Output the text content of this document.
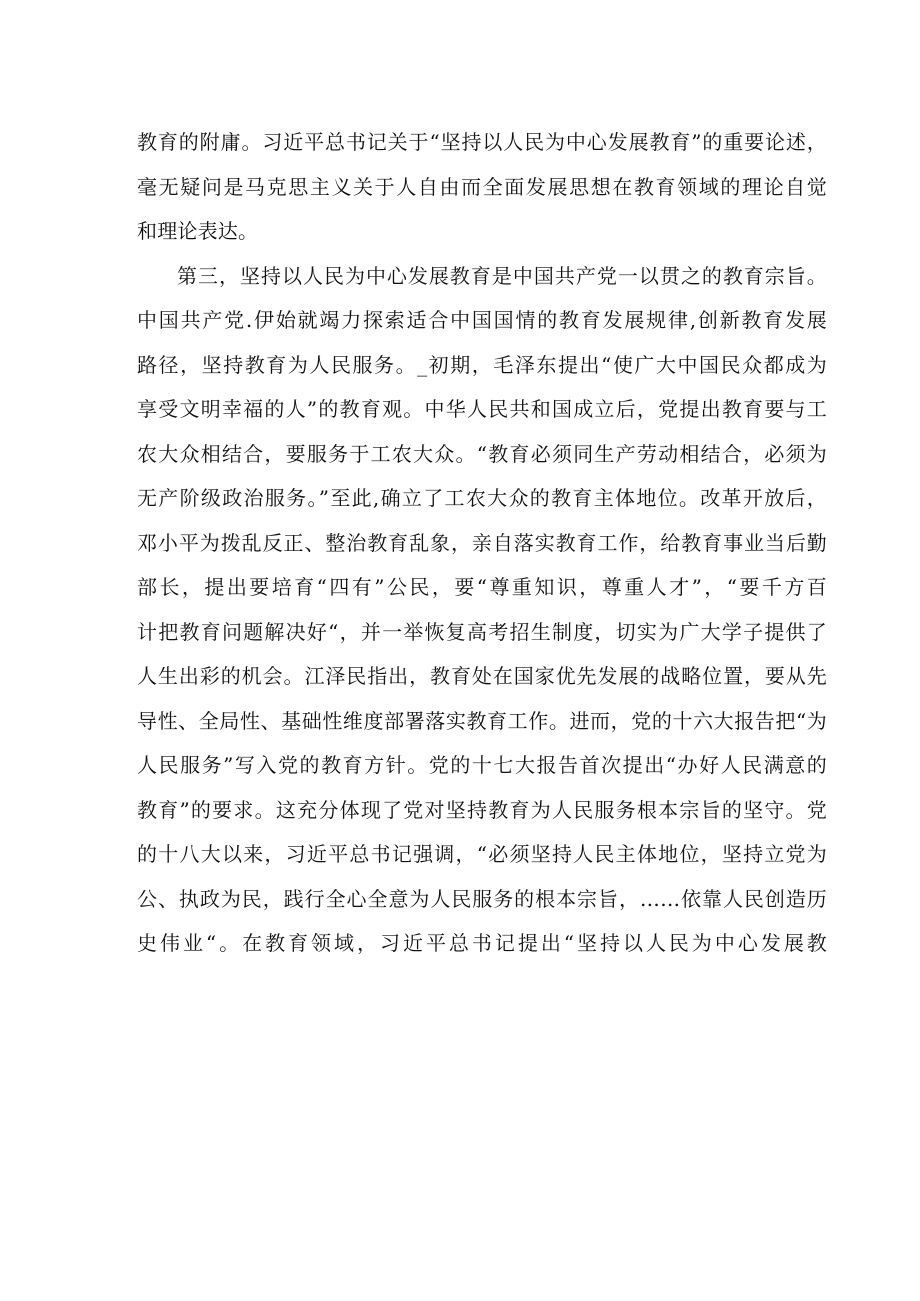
教育的附庸。习近平总书记关于“坚持以人民为中心发展教育”的重要论述，
毫无疑问是马克思主义关于人自由而全面发展思想在教育领域的理论自觉
和理论表达。
第三，坚持以人民为中心发展教育是中国共产党一以贯之的教育宗旨。
中国共产党.伊始就竭力探索适合中国国情的教育发展规律,创新教育发展
路径，坚持教育为人民服务。_初期，毛泽东提出“使广大中国民众都成为
享受文明幸福的人”的教育观。中华人民共和国成立后，党提出教育要与工
农大众相结合，要服务于工农大众。“教育必须同生产劳动相结合，必须为
无产阶级政治服务。”至此,确立了工农大众的教育主体地位。改革开放后，
邓小平为拨乱反正、整治教育乱象，亲自落实教育工作，给教育事业当后勤
部长，提出要培育“四有”公民，要“尊重知识，尊重人才”，“要千方百
计把教育问题解决好“，并一举恢复高考招生制度，切实为广大学子提供了
人生出彩的机会。江泽民指出，教育处在国家优先发展的战略位置，要从先
导性、全局性、基础性维度部署落实教育工作。进而，党的十六大报告把“为
人民服务”写入党的教育方针。党的十七大报告首次提出“办好人民满意的
教育”的要求。这充分体现了党对坚持教育为人民服务根本宗旨的坚守。党
的十八大以来，习近平总书记强调，“必须坚持人民主体地位，坚持立党为
公、执政为民，践行全心全意为人民服务的根本宗旨，……依靠人民创造历
史伟业“。在教育领域，习近平总书记提出“坚持以人民为中心发展教
